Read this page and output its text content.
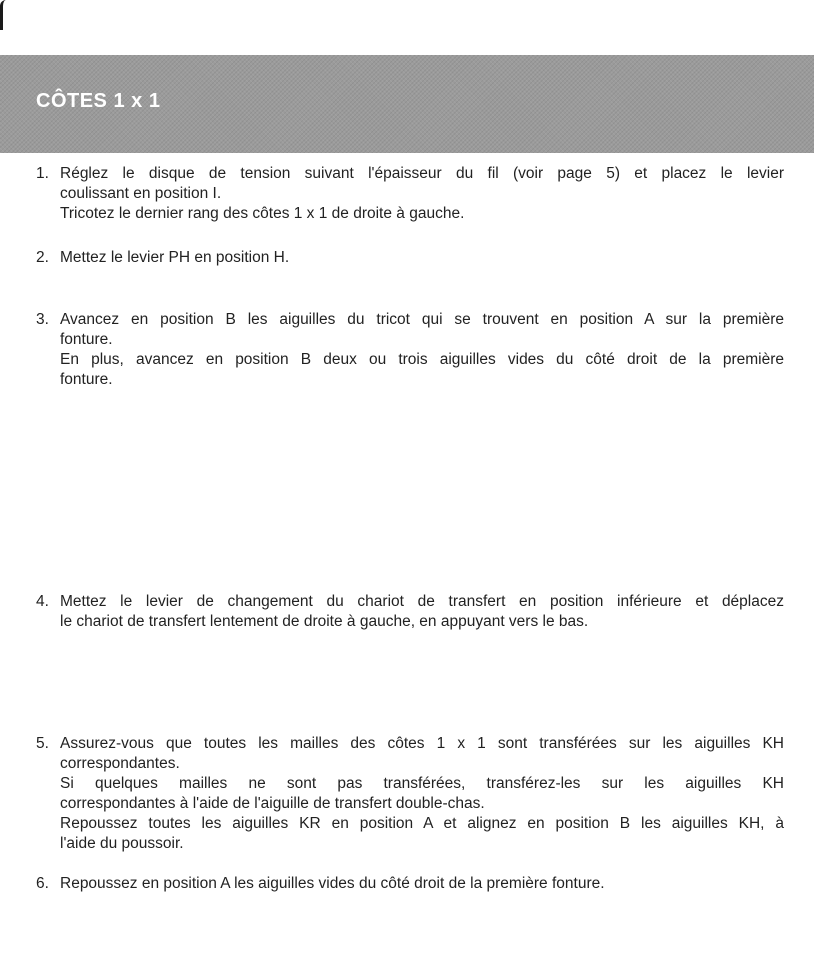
CÔTES 1 x 1
1. Réglez le disque de tension suivant l'épaisseur du fil (voir page 5) et placez le levier
coulissant en position I.
Tricotez le dernier rang des côtes 1 x 1 de droite à gauche.
2. Mettez le levier PH en position H.
3. Avancez en position B les aiguilles du tricot qui se trouvent en position A sur la première
fonture.
En plus, avancez en position B deux ou trois aiguilles vides du côté droit de la première
fonture.
4. Mettez le levier de changement du chariot de transfert en position inférieure et déplacez
le chariot de transfert lentement de droite à gauche, en appuyant vers le bas.
5. Assurez-vous que toutes les mailles des côtes 1 x 1 sont transférées sur les aiguilles KH
correspondantes.
Si quelques mailles ne sont pas transférées, transférez-les sur les aiguilles KH
correspondantes à l'aide de l'aiguille de transfert double-chas.
Repoussez toutes les aiguilles KR en position A et alignez en position B les aiguilles KH, à
l'aide du poussoir.
6. Repoussez en position A les aiguilles vides du côté droit de la première fonture.
